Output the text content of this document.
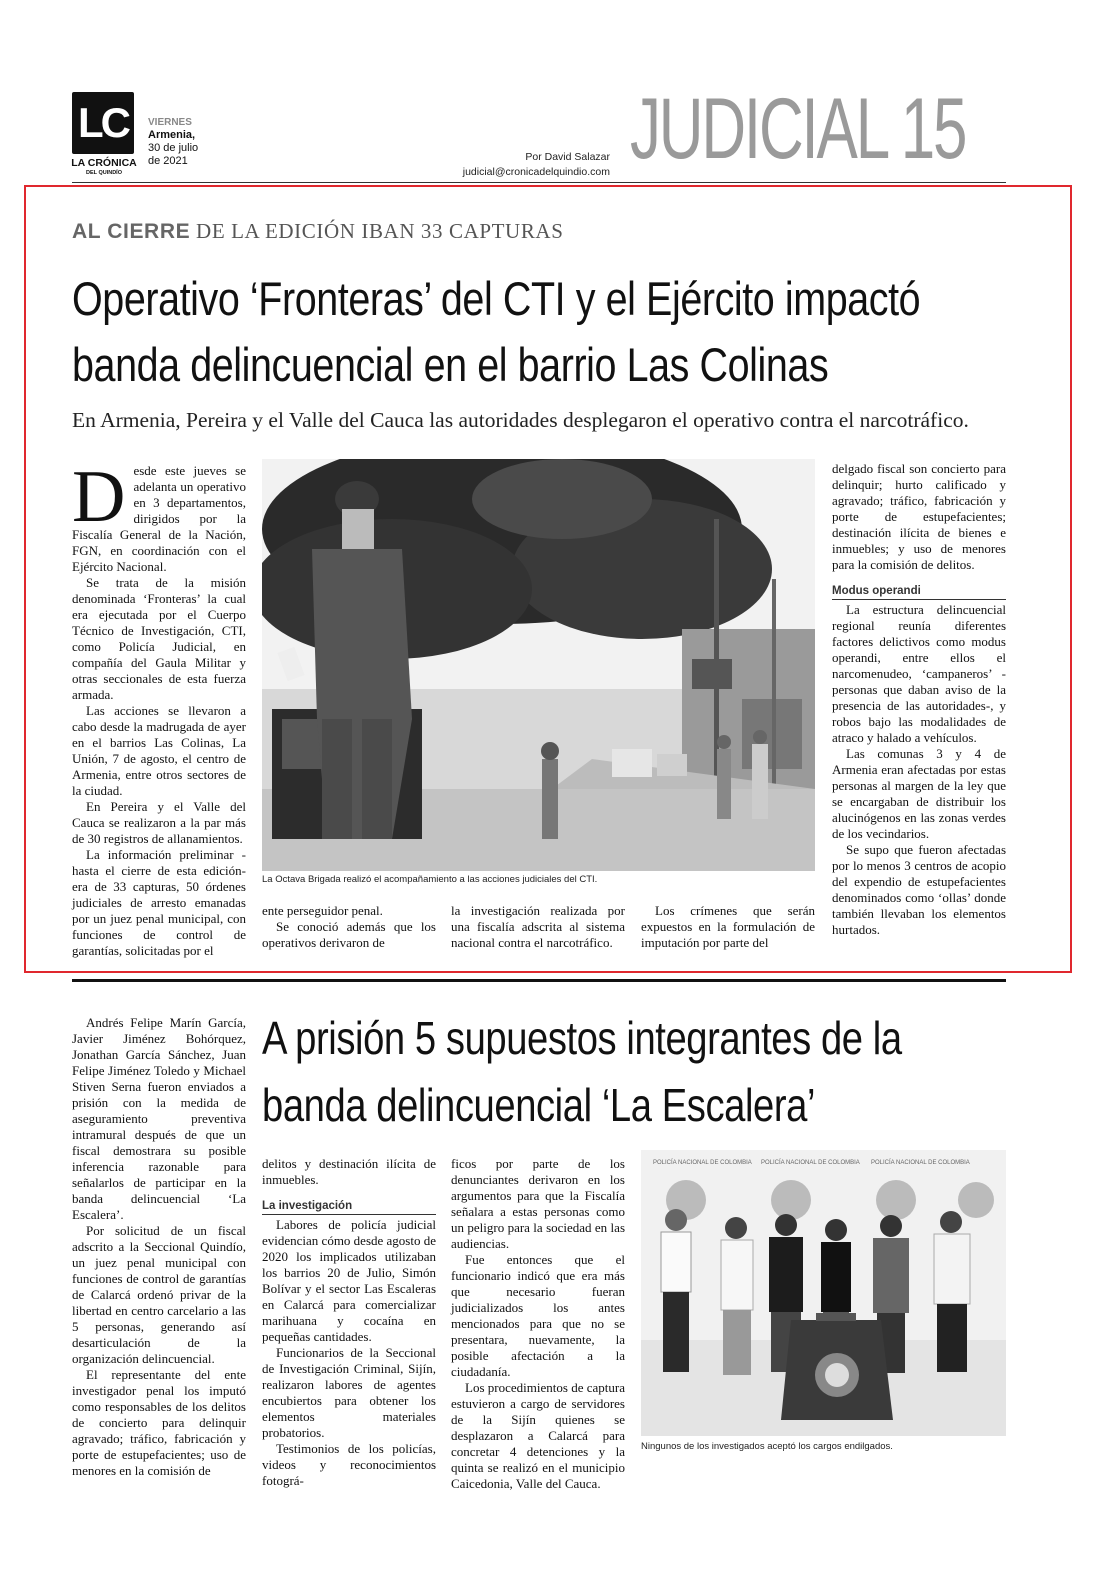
LC
LA CRÓNICA
DEL QUINDÍO
VIERNES
Armenia,
30 de julio
de 2021	Por David Salazar
judicial@cronicadelquindio.com JUDICIAL 15
AL CIERRE DE LA EDICIÓN IBAN 33 CAPTURAS
Operativo ‘Fronteras’ del CTI y el Ejército impactó
banda delincuencial en el barrio Las Colinas
En Armenia, Pereira y el Valle del Cauca las autoridades desplegaron el operativo contra el narcotráfico.

Desde este jueves se adelanta un operativo en 3 departamentos, dirigidos por la Fiscalía General de la Nación, FGN, en coordinación con el Ejército Nacional.

Se trata de la misión denominada ‘Fronteras’ la cual era ejecutada por el Cuerpo Técnico de Investigación, CTI, como Policía Judicial, en compañía del Gaula Militar y otras seccionales de esta fuerza armada.

Las acciones se llevaron a cabo desde la madrugada de ayer en el barrios Las Colinas, La Unión, 7 de agosto, el centro de Armenia, entre otros sectores de la ciudad.

En Pereira y el Valle del Cauca se realizaron a la par más de 30 registros de allanamientos.

La información preliminar -hasta el cierre de esta edición- era de 33 capturas, 50 órdenes judiciales de arresto emanadas por un juez penal municipal, con funciones de control de garantías, solicitadas por el

La Octava Brigada realizó el acompañamiento a las acciones judiciales del CTI.

ente perseguidor penal.

Se conoció además que los operativos derivaron de

la investigación realizada por una fiscalía adscrita al sistema nacional contra el narcotráfico.

Los crímenes que serán expuestos en la formulación de imputación por parte del

delgado fiscal son concierto para delinquir; hurto calificado y agravado; tráfico, fabricación y porte de estupefacientes; destinación ilícita de bienes e inmuebles; y uso de menores para la comisión de delitos.

Modus operandi

La estructura delincuencial regional reunía diferentes factores delictivos como modus operandi, entre ellos el narcomenudeo, ‘campaneros’ -personas que daban aviso de la presencia de las autoridades-, y robos bajo las modalidades de atraco y halado a vehículos.

Las comunas 3 y 4 de Armenia eran afectadas por estas personas al margen de la ley que se encargaban de distribuir los alucinógenos en las zonas verdes de los vecindarios.

Se supo que fueron afectadas por lo menos 3 centros de acopio del expendio de estupefacientes denominados como ‘ollas’ donde también llevaban los elementos hurtados.

Andrés Felipe Marín García, Javier Jiménez Bohórquez, Jonathan García Sánchez, Juan Felipe Jiménez Toledo y Michael Stiven Serna fueron enviados a prisión con la medida de aseguramiento preventiva intramural después de que un fiscal demostrara su posible inferencia razonable para señalarlos de participar en la banda delincuencial ‘La Escalera’.

Por solicitud de un fiscal adscrito a la Seccional Quindío, un juez penal municipal con funciones de control de garantías de Calarcá ordenó privar de la libertad en centro carcelario a las 5 personas, generando así desarticulación de la organización delincuencial.

El representante del ente investigador penal los imputó como responsables de los delitos de concierto para delinquir agravado; tráfico, fabricación y porte de estupefacientes; uso de menores en la comisión de

A prisión 5 supuestos integrantes de la
banda delincuencial ‘La Escalera’

delitos y destinación ilícita de inmuebles.

La investigación

Labores de policía judicial evidencian cómo desde agosto de 2020 los implicados utilizaban los barrios 20 de Julio, Simón Bolívar y el sector Las Escaleras en Calarcá para comercializar marihuana y cocaína en pequeñas cantidades.

Funcionarios de la Seccional de Investigación Criminal, Sijín, realizaron labores de agentes encubiertos para obtener los elementos materiales probatorios.

Testimonios de los policías, videos y reconocimientos fotográ-

ficos por parte de los denunciantes derivaron en los argumentos para que la Fiscalía señalara a estas personas como un peligro para la sociedad en las audiencias.

Fue entonces que el funcionario indicó que era más que necesario fueran judicializados los antes mencionados para que no se presentara, nuevamente, la posible afectación a la ciudadanía.

Los procedimientos de captura estuvieron a cargo de servidores de la Sijín quienes se desplazaron a Calarcá para concretar 4 detenciones y la quinta se realizó en el municipio Caicedonia, Valle del Cauca.

POLICÍA NACIONAL DE COLOMBIA POLICÍA NACIONAL DE COLOMBIA POLICÍA NACIONAL DE COLOMBIA
Ningunos de los investigados aceptó los cargos endilgados.
